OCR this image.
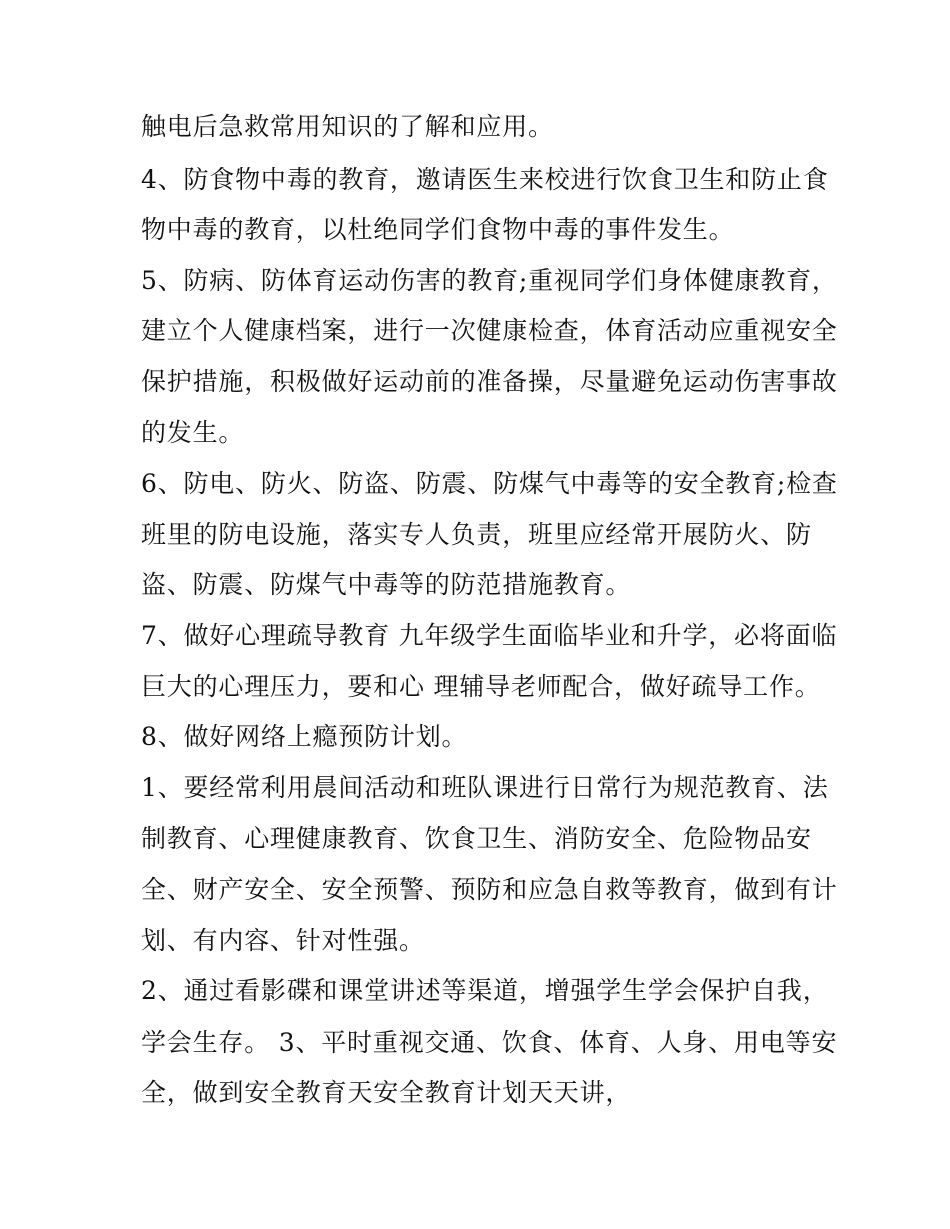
触电后急救常用知识的了解和应用。
4、防食物中毒的教育，邀请医生来校进行饮食卫生和防止食
物中毒的教育，以杜绝同学们食物中毒的事件发生。
5、防病、防体育运动伤害的教育;重视同学们身体健康教育，
建立个人健康档案，进行一次健康检查，体育活动应重视安全
保护措施，积极做好运动前的准备操，尽量避免运动伤害事故
的发生。
6、防电、防火、防盗、防震、防煤气中毒等的安全教育;检查
班里的防电设施，落实专人负责，班里应经常开展防火、防
盗、防震、防煤气中毒等的防范措施教育。
7、做好心理疏导教育 九年级学生面临毕业和升学，必将面临
巨大的心理压力，要和心 理辅导老师配合，做好疏导工作。
8、做好网络上瘾预防计划。
1、要经常利用晨间活动和班队课进行日常行为规范教育、法
制教育、心理健康教育、饮食卫生、消防安全、危险物品安
全、财产安全、安全预警、预防和应急自救等教育，做到有计
划、有内容、针对性强。
2、通过看影碟和课堂讲述等渠道，增强学生学会保护自我，
学会生存。 3、平时重视交通、饮食、体育、人身、用电等安
全，做到安全教育天安全教育计划天天讲，
